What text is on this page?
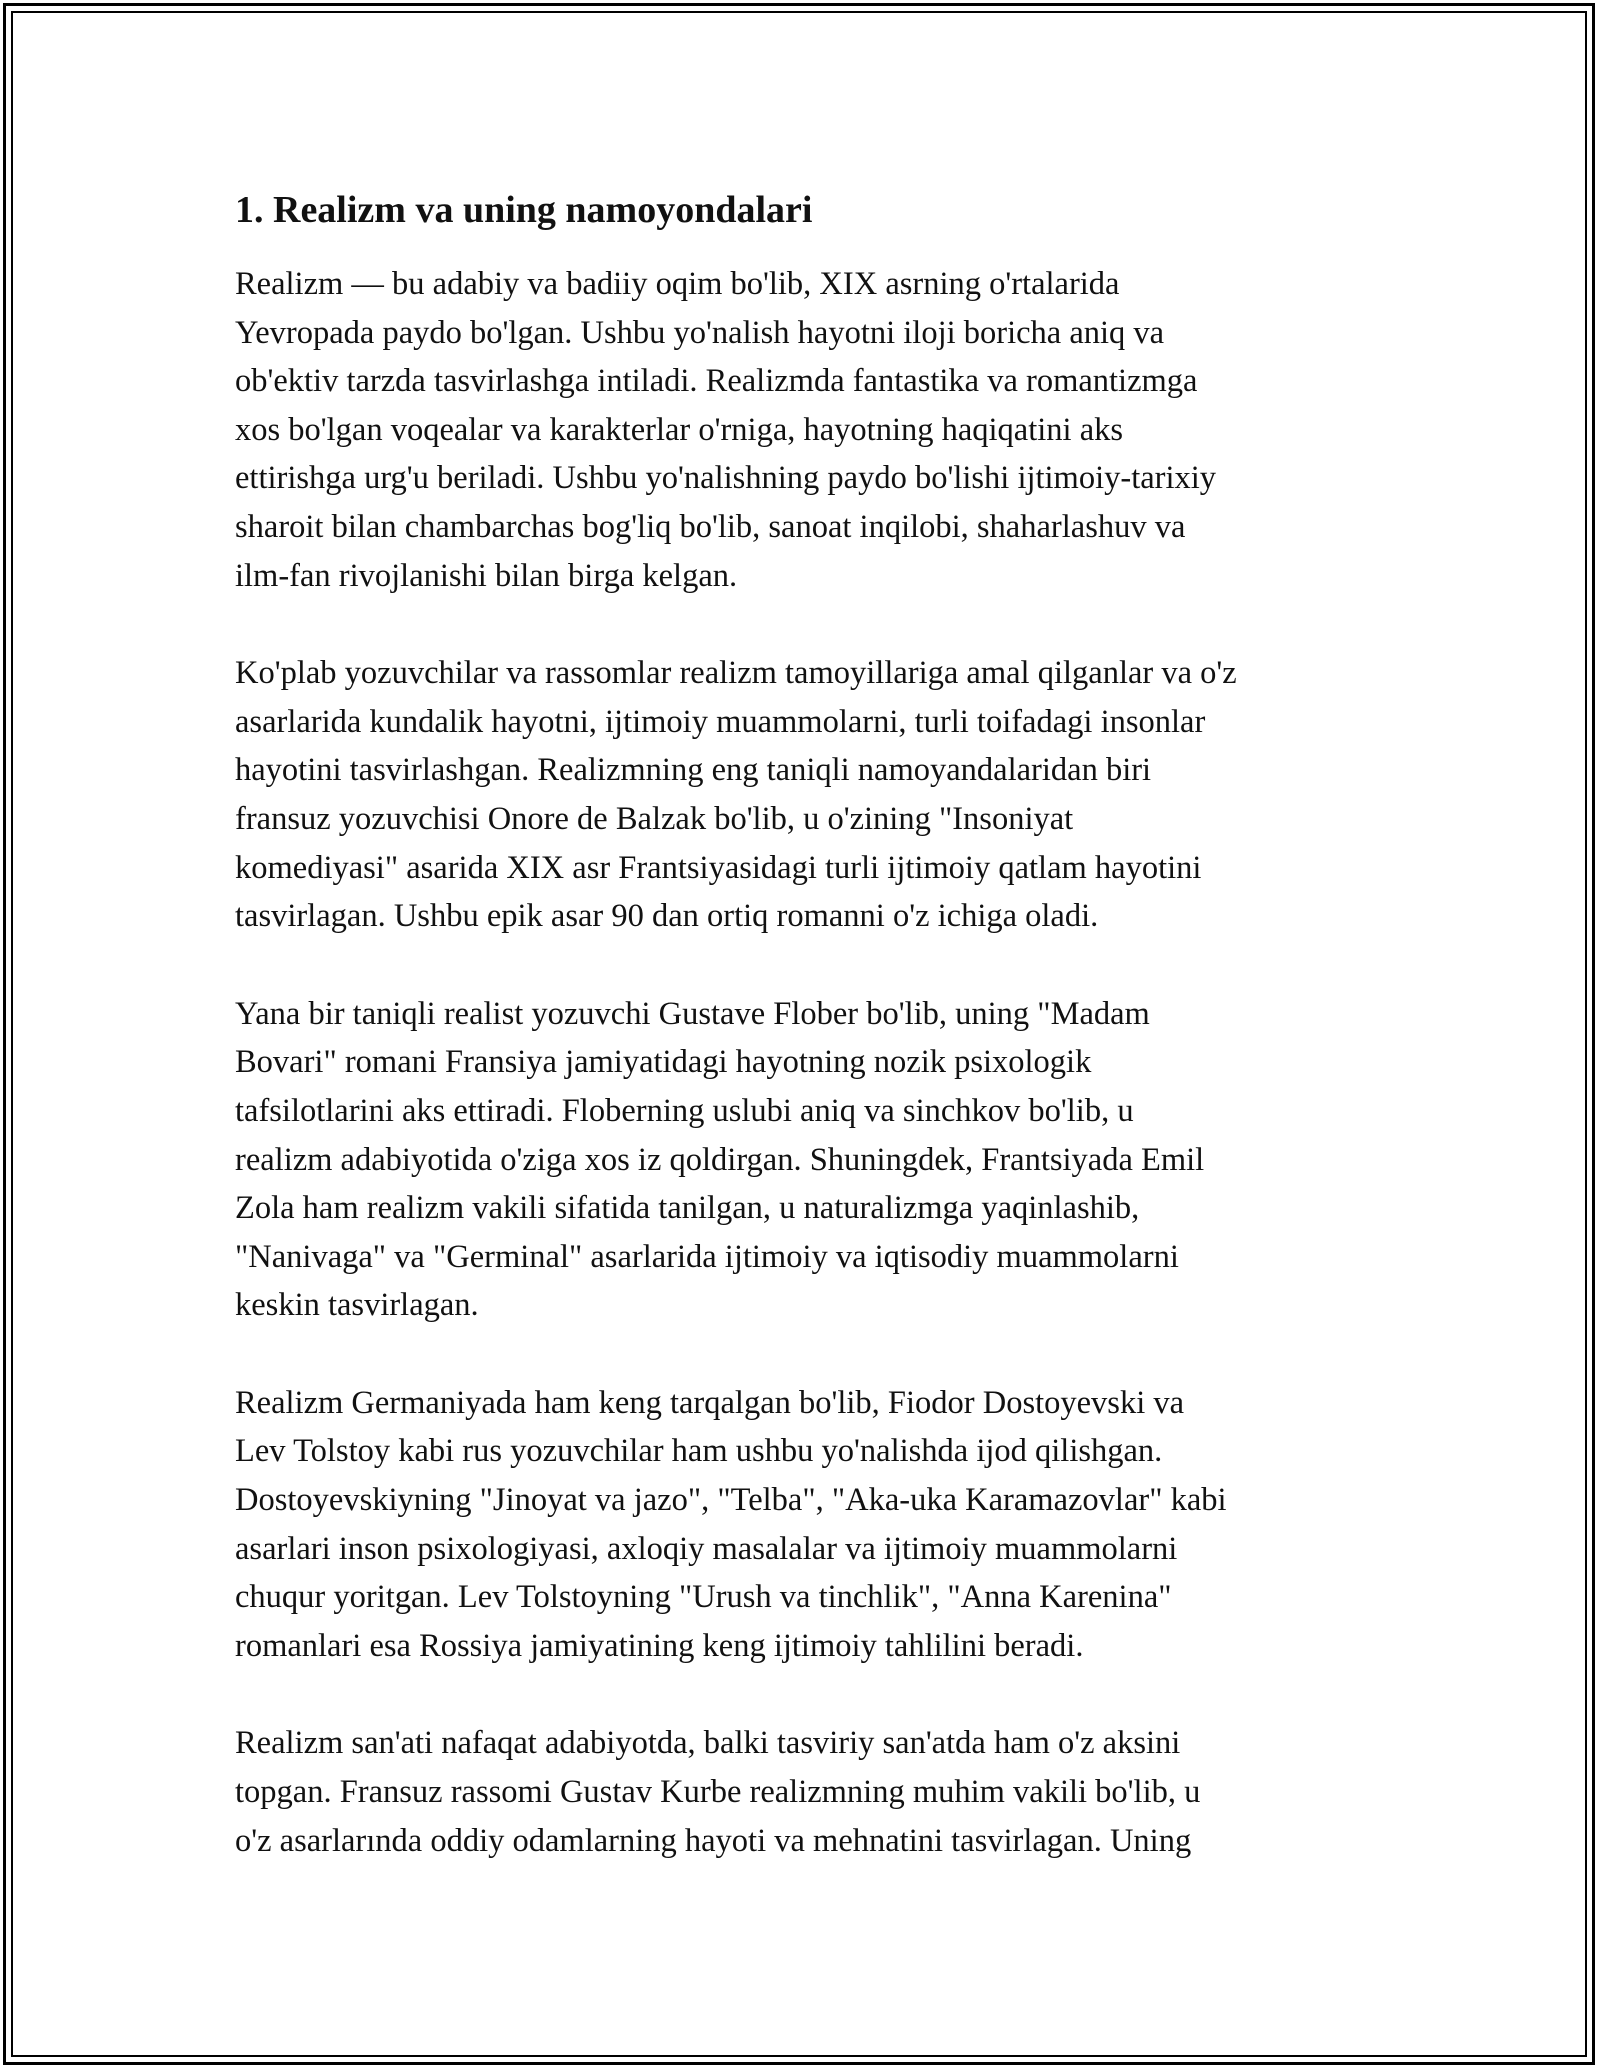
1. Realizm va uning namoyondalari
Realizm — bu adabiy va badiiy oqim bo'lib, XIX asrning o'rtalarida
Yevropada paydo bo'lgan. Ushbu yo'nalish hayotni iloji boricha aniq va
ob'ektiv tarzda tasvirlashga intiladi. Realizmda fantastika va romantizmga
xos bo'lgan voqealar va karakterlar o'rniga, hayotning haqiqatini aks
ettirishga urg'u beriladi. Ushbu yo'nalishning paydo bo'lishi ijtimoiy-tarixiy
sharoit bilan chambarchas bog'liq bo'lib, sanoat inqilobi, shaharlashuv va
ilm-fan rivojlanishi bilan birga kelgan.
Ko'plab yozuvchilar va rassomlar realizm tamoyillariga amal qilganlar va o'z
asarlarida kundalik hayotni, ijtimoiy muammolarni, turli toifadagi insonlar
hayotini tasvirlashgan. Realizmning eng taniqli namoyandalaridan biri
fransuz yozuvchisi Onore de Balzak bo'lib, u o'zining "Insoniyat
komediyasi" asarida XIX asr Frantsiyasidagi turli ijtimoiy qatlam hayotini
tasvirlagan. Ushbu epik asar 90 dan ortiq romanni o'z ichiga oladi.
Yana bir taniqli realist yozuvchi Gustave Flober bo'lib, uning "Madam
Bovari" romani Fransiya jamiyatidagi hayotning nozik psixologik
tafsilotlarini aks ettiradi. Floberning uslubi aniq va sinchkov bo'lib, u
realizm adabiyotida o'ziga xos iz qoldirgan. Shuningdek, Frantsiyada Emil
Zola ham realizm vakili sifatida tanilgan, u naturalizmga yaqinlashib,
"Nanivaga" va "Germinal" asarlarida ijtimoiy va iqtisodiy muammolarni
keskin tasvirlagan.
Realizm Germaniyada ham keng tarqalgan bo'lib, Fiodor Dostoyevski va
Lev Tolstoy kabi rus yozuvchilar ham ushbu yo'nalishda ijod qilishgan.
Dostoyevskiyning "Jinoyat va jazo", "Telba", "Aka-uka Karamazovlar" kabi
asarlari inson psixologiyasi, axloqiy masalalar va ijtimoiy muammolarni
chuqur yoritgan. Lev Tolstoyning "Urush va tinchlik", "Anna Karenina"
romanlari esa Rossiya jamiyatining keng ijtimoiy tahlilini beradi.
Realizm san'ati nafaqat adabiyotda, balki tasviriy san'atda ham o'z aksini
topgan. Fransuz rassomi Gustav Kurbe realizmning muhim vakili bo'lib, u
o'z asarlarında oddiy odamlarning hayoti va mehnatini tasvirlagan. Uning
